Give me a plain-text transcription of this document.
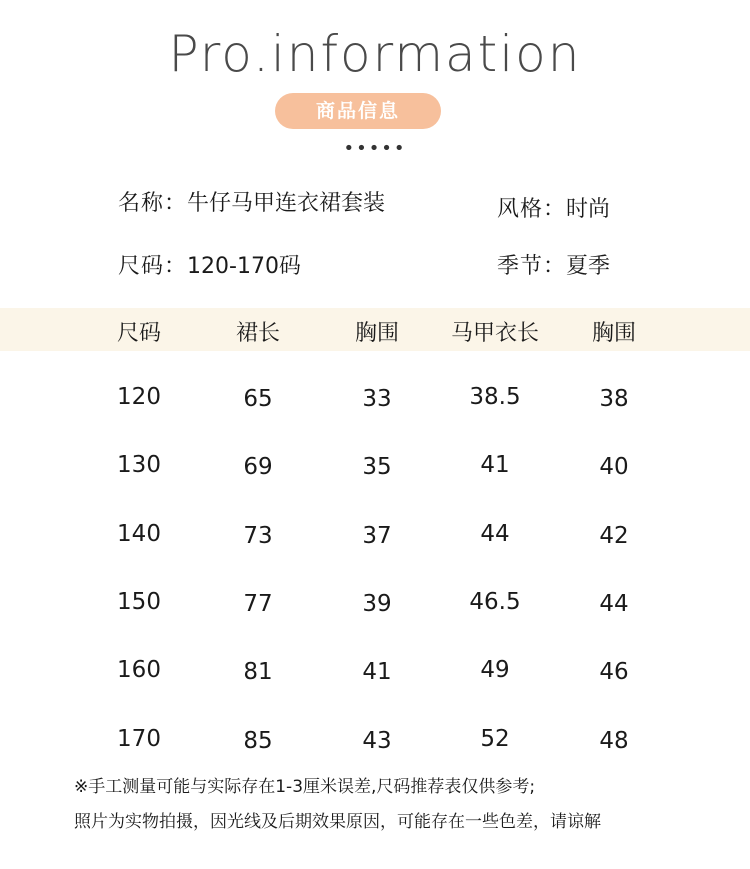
Pro.information
商品信息
•••••
名称：牛仔马甲连衣裙套装	风格：时尚
尺码：120-170码	季节：夏季
尺码	裙长	胸围	马甲衣长	胸围
120	65	33	38.5	38
130	69	35	41	40
140	73	37	44	42
150	77	39	46.5	44
160	81	41	49	46
170	85	43	52	48
※手工测量可能与实际存在1-3厘米误差,尺码推荐表仅供参考;
照片为实物拍摄，因光线及后期效果原因，可能存在一些色差，请谅解
